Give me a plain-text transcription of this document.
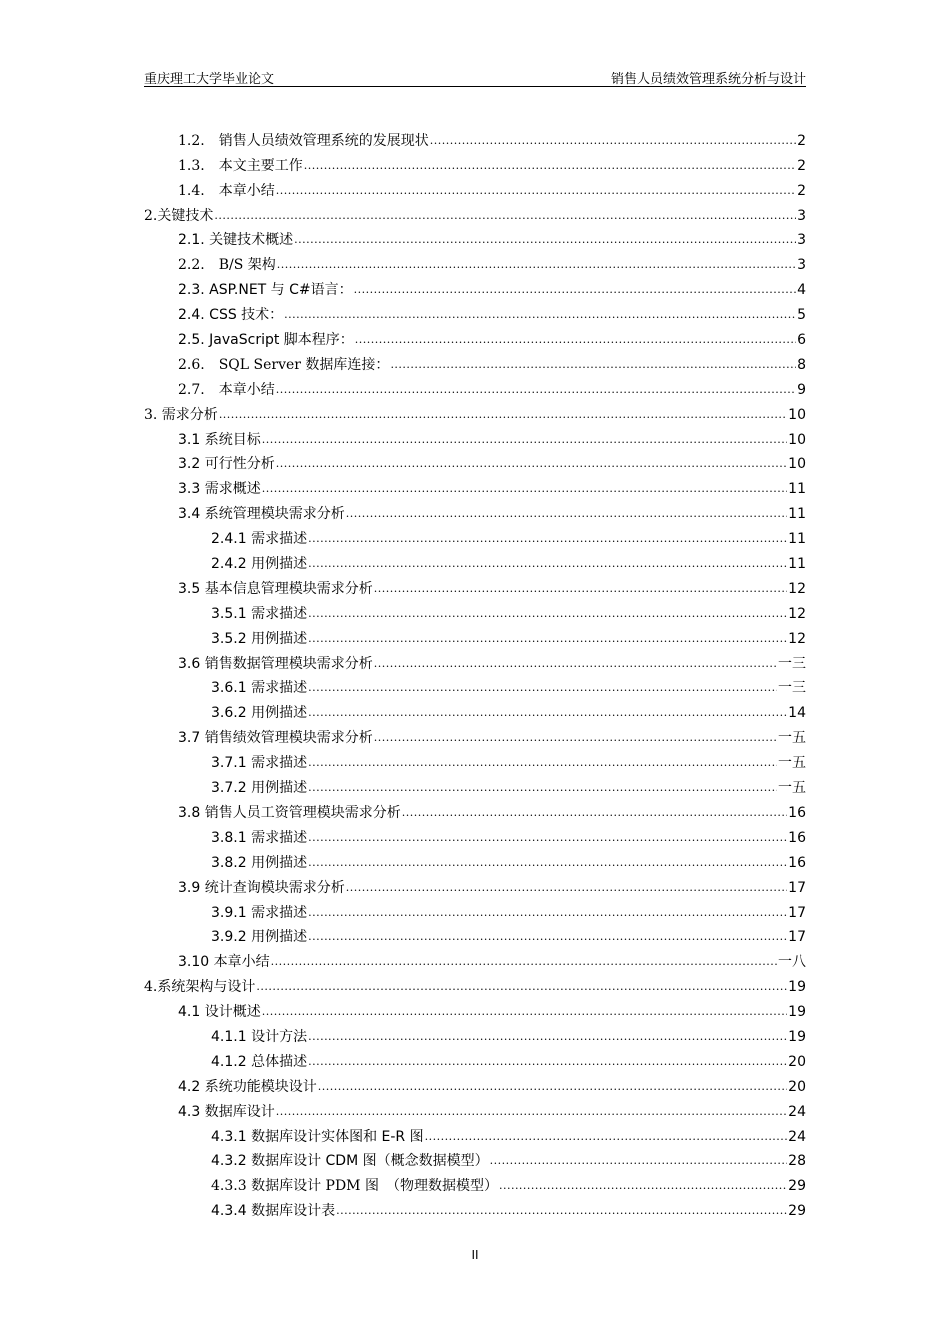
重庆理工大学毕业论文	销售人员绩效管理系统分析与设计
1.2.　销售人员绩效管理系统的发展现状 .....	2
1.3.　本文主要工作 .....	2
1.4.　本章小结 .....	2
2.关键技术 .....	3
2.1. 关键技术概述 .....	3
2.2.　B/S 架构 .....	3
2.3. ASP.NET 与 C#语言： .....	4
2.4. CSS 技术： .....	5
2.5. JavaScript 脚本程序： .....	6
2.6.　SQL Server 数据库连接： .....	8
2.7.　本章小结 .....	9
3. 需求分析 .....	10
3.1 系统目标 .....	10
3.2 可行性分析 .....	10
3.3 需求概述 .....	11
3.4 系统管理模块需求分析 .....	11
2.4.1 需求描述 .....	11
2.4.2 用例描述 .....	11
3.5 基本信息管理模块需求分析 .....	12
3.5.1 需求描述 .....	12
3.5.2 用例描述 .....	12
3.6 销售数据管理模块需求分析 .....	一三
3.6.1 需求描述 .....	一三
3.6.2 用例描述 .....	14
3.7 销售绩效管理模块需求分析 .....	一五
3.7.1 需求描述 .....	一五
3.7.2 用例描述 .....	一五
3.8 销售人员工资管理模块需求分析 .....	16
3.8.1 需求描述 .....	16
3.8.2 用例描述 .....	16
3.9 统计查询模块需求分析 .....	17
3.9.1 需求描述 .....	17
3.9.2 用例描述 .....	17
3.10 本章小结 .....	一八
4.系统架构与设计 .....	19
4.1 设计概述 .....	19
4.1.1 设计方法 .....	19
4.1.2 总体描述 .....	20
4.2 系统功能模块设计 .....	20
4.3 数据库设计 .....	24
4.3.1 数据库设计实体图和 E-R 图 .....	24
4.3.2 数据库设计 CDM 图（概念数据模型） .....	28
4.3.3 数据库设计 PDM 图　（物理数据模型） .....	29
4.3.4 数据库设计表 .....	29
II
